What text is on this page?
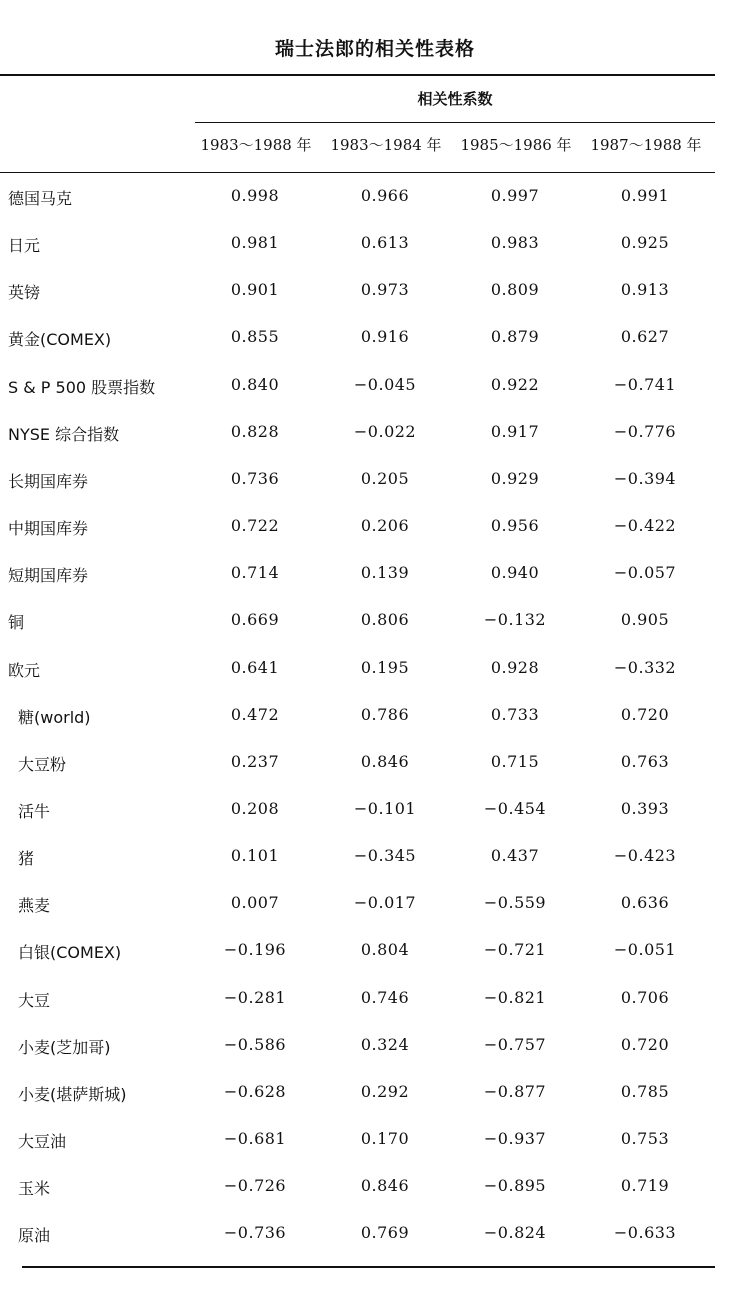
瑞士法郎的相关性表格
相关性系数
1983～1988 年	1983～1984 年	1985～1986 年	1987～1988 年
德国马克	0.998	0.966	0.997	0.991
日元	0.981	0.613	0.983	0.925
英镑	0.901	0.973	0.809	0.913
黄金(COMEX)	0.855	0.916	0.879	0.627
S & P 500 股票指数	0.840	−0.045	0.922	−0.741
NYSE 综合指数	0.828	−0.022	0.917	−0.776
长期国库券	0.736	0.205	0.929	−0.394
中期国库券	0.722	0.206	0.956	−0.422
短期国库券	0.714	0.139	0.940	−0.057
铜	0.669	0.806	−0.132	0.905
欧元	0.641	0.195	0.928	−0.332
糖(world)	0.472	0.786	0.733	0.720
大豆粉	0.237	0.846	0.715	0.763
活牛	0.208	−0.101	−0.454	0.393
猪	0.101	−0.345	0.437	−0.423
燕麦	0.007	−0.017	−0.559	0.636
白银(COMEX)	−0.196	0.804	−0.721	−0.051
大豆	−0.281	0.746	−0.821	0.706
小麦(芝加哥)	−0.586	0.324	−0.757	0.720
小麦(堪萨斯城)	−0.628	0.292	−0.877	0.785
大豆油	−0.681	0.170	−0.937	0.753
玉米	−0.726	0.846	−0.895	0.719
原油	−0.736	0.769	−0.824	−0.633
